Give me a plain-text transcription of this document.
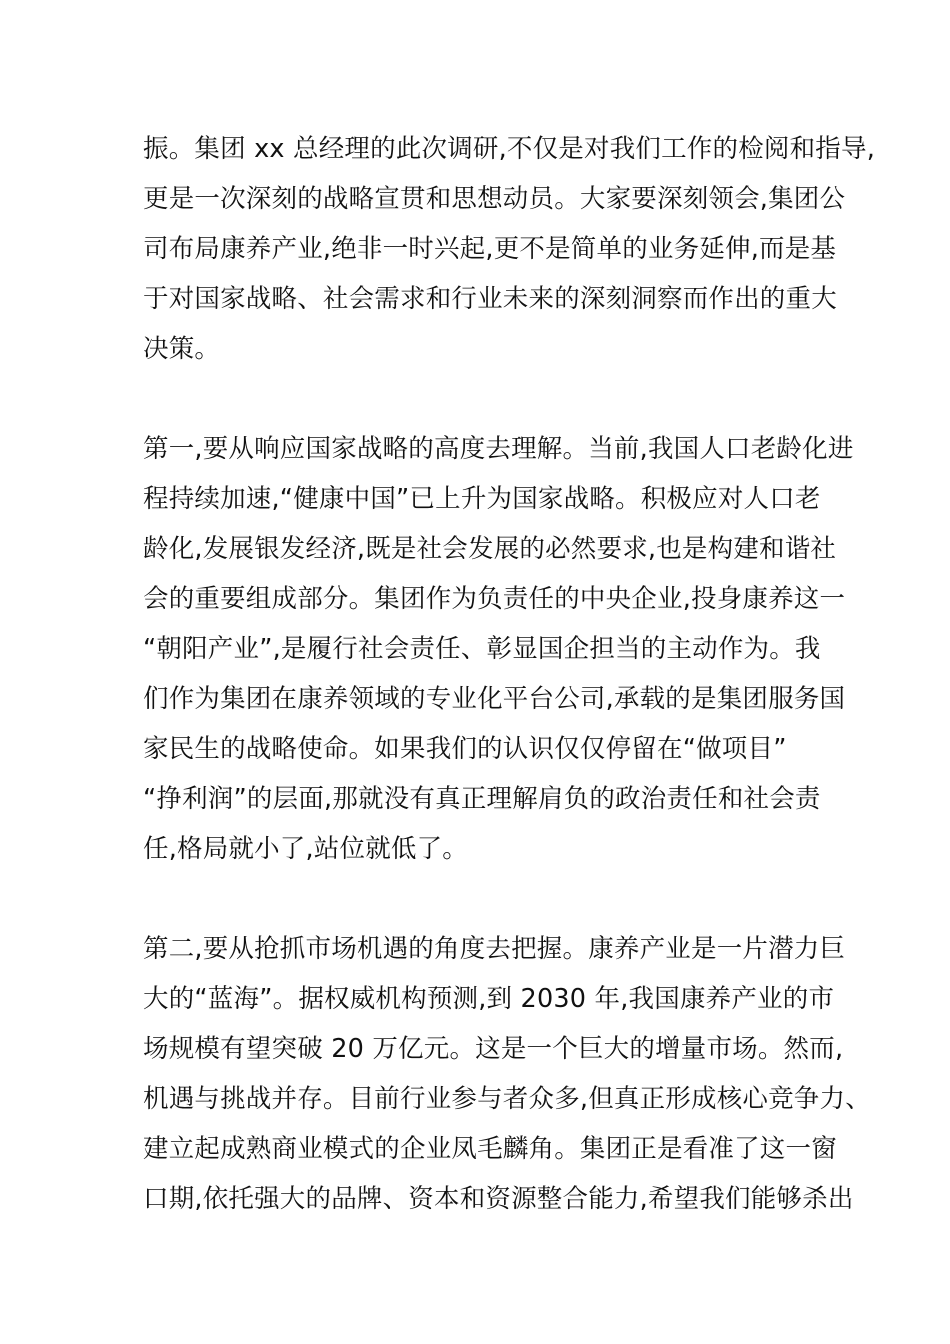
振。集团 xx 总经理的此次调研,不仅是对我们工作的检阅和指导,
更是一次深刻的战略宣贯和思想动员。大家要深刻领会,集团公
司布局康养产业,绝非一时兴起,更不是简单的业务延伸,而是基
于对国家战略、社会需求和行业未来的深刻洞察而作出的重大
决策。
第一,要从响应国家战略的高度去理解。当前,我国人口老龄化进
程持续加速,“健康中国”已上升为国家战略。积极应对人口老
龄化,发展银发经济,既是社会发展的必然要求,也是构建和谐社
会的重要组成部分。集团作为负责任的中央企业,投身康养这一
“朝阳产业”,是履行社会责任、彰显国企担当的主动作为。我
们作为集团在康养领域的专业化平台公司,承载的是集团服务国
家民生的战略使命。如果我们的认识仅仅停留在“做项目”
“挣利润”的层面,那就没有真正理解肩负的政治责任和社会责
任,格局就小了,站位就低了。
第二,要从抢抓市场机遇的角度去把握。康养产业是一片潜力巨
大的“蓝海”。据权威机构预测,到 2030 年,我国康养产业的市
场规模有望突破 20 万亿元。这是一个巨大的增量市场。然而,
机遇与挑战并存。目前行业参与者众多,但真正形成核心竞争力、
建立起成熟商业模式的企业凤毛麟角。集团正是看准了这一窗
口期,依托强大的品牌、资本和资源整合能力,希望我们能够杀出
